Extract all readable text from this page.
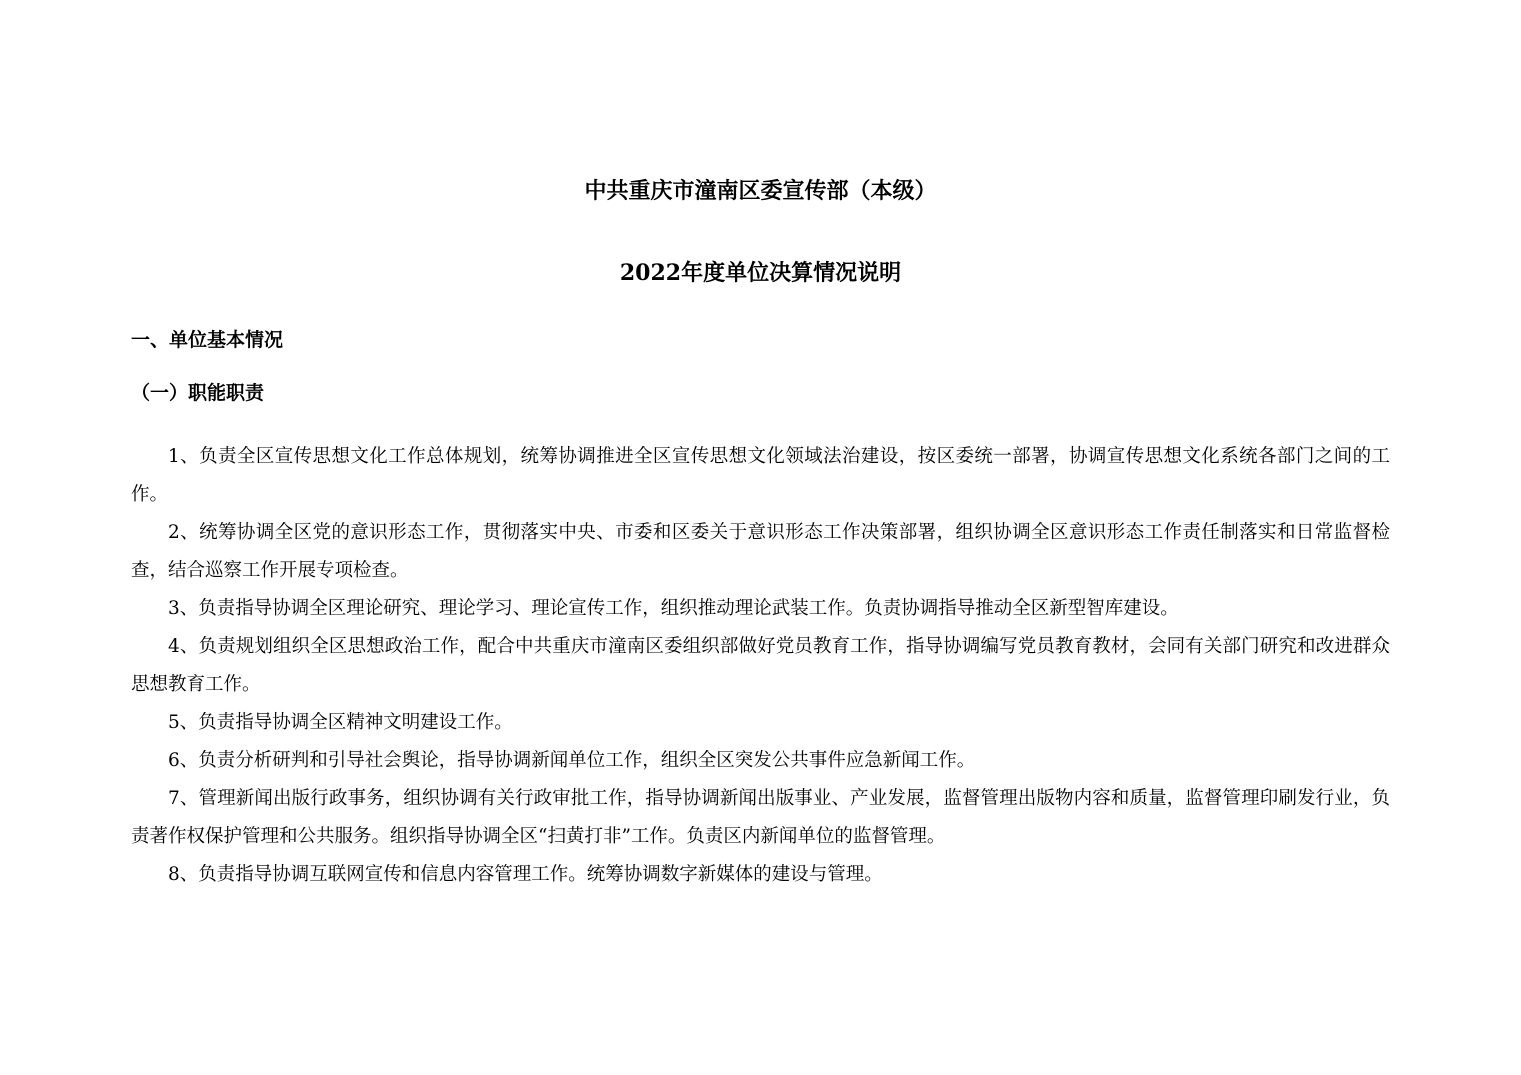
中共重庆市潼南区委宣传部（本级）
2022年度单位决算情况说明
一、单位基本情况
（一）职能职责

1、负责全区宣传思想文化工作总体规划，统筹协调推进全区宣传思想文化领域法治建设，按区委统一部署，协调宣传思想文化系统各部门之间的工作。

2、统筹协调全区党的意识形态工作，贯彻落实中央、市委和区委关于意识形态工作决策部署，组织协调全区意识形态工作责任制落实和日常监督检查，结合巡察工作开展专项检查。

3、负责指导协调全区理论研究、理论学习、理论宣传工作，组织推动理论武装工作。负责协调指导推动全区新型智库建设。

4、负责规划组织全区思想政治工作，配合中共重庆市潼南区委组织部做好党员教育工作，指导协调编写党员教育教材，会同有关部门研究和改进群众思想教育工作。

5、负责指导协调全区精神文明建设工作。

6、负责分析研判和引导社会舆论，指导协调新闻单位工作，组织全区突发公共事件应急新闻工作。

7、管理新闻出版行政事务，组织协调有关行政审批工作，指导协调新闻出版事业、产业发展，监督管理出版物内容和质量，监督管理印刷发行业，负责著作权保护管理和公共服务。组织指导协调全区“扫黄打非”工作。负责区内新闻单位的监督管理。

8、负责指导协调互联网宣传和信息内容管理工作。统筹协调数字新媒体的建设与管理。
